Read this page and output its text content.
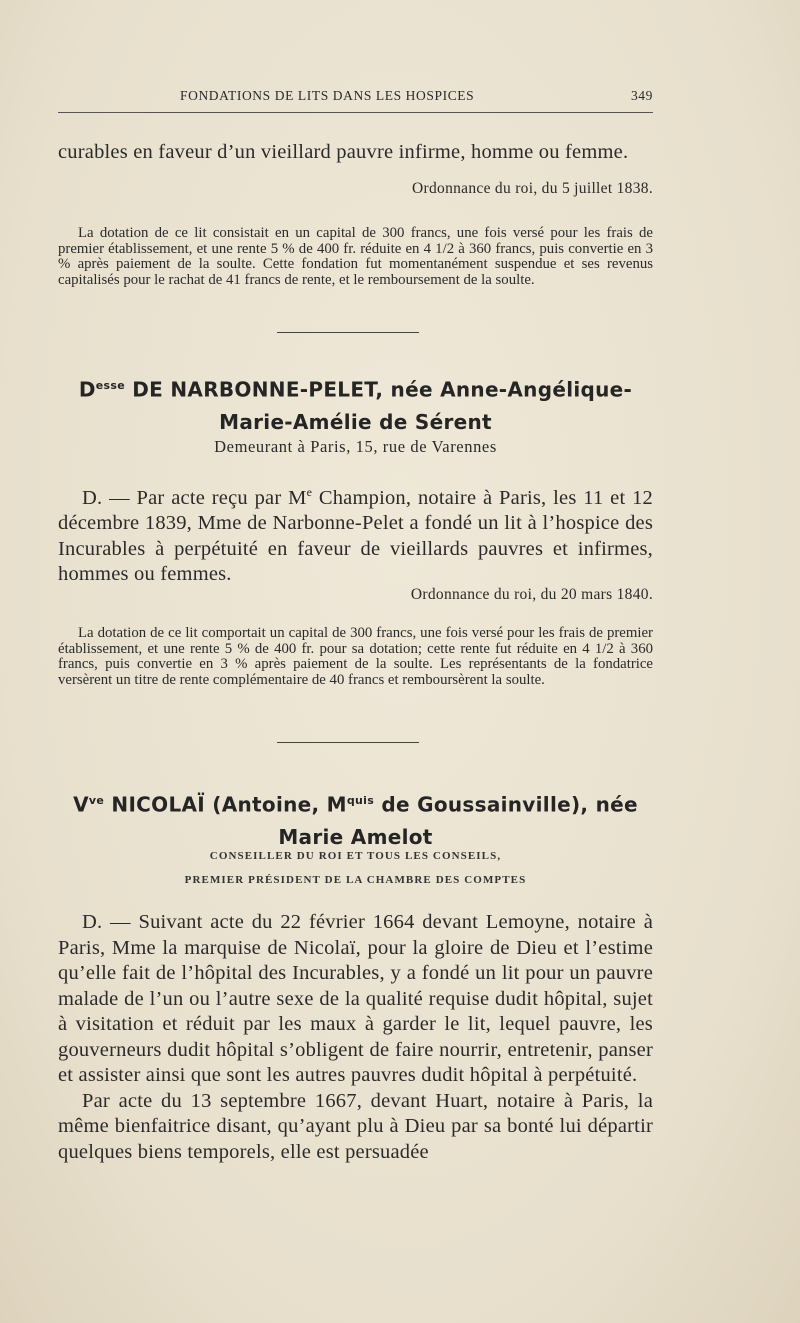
FONDATIONS DE LITS DANS LES HOSPICES	349

curables en faveur d’un vieillard pauvre infirme, homme ou femme.

Ordonnance du roi, du 5 juillet 1838.
La dotation de ce lit consistait en un capital de 300 francs, une fois versé pour les frais de premier établissement, et une rente 5 % de 400 fr. réduite en 4 1/2 à 360 francs, puis convertie en 3 % après paiement de la soulte. Cette fondation fut momentanément suspendue et ses revenus capitalisés pour le rachat de 41 francs de rente, et le remboursement de la soulte.
$D^{esse}$ DE NARBONNE-PELET, née Anne-Angélique-
Marie-Amélie de Sérent
Demeurant à Paris, 15, rue de Varennes

D. — Par acte reçu par Me Champion, notaire à Paris, les 11 et 12 décembre 1839, Mme de Narbonne-Pelet a fondé un lit à l’hospice des Incurables à perpétuité en faveur de vieillards pauvres et infirmes, hommes ou femmes.

Ordonnance du roi, du 20 mars 1840.
La dotation de ce lit comportait un capital de 300 francs, une fois versé pour les frais de premier établissement, et une rente 5 % de 400 fr. pour sa dotation; cette rente fut réduite en 4 1/2 à 360 francs, puis convertie en 3 % après paiement de la soulte. Les représentants de la fondatrice versèrent un titre de rente complémentaire de 40 francs et remboursèrent la soulte.
$V^{ve}$ NICOLAÏ (Antoine, $M^{quis}$ de Goussainville), née
Marie Amelot
CONSEILLER DU ROI ET TOUS LES CONSEILS,
PREMIER PRÉSIDENT DE LA CHAMBRE DES COMPTES

D. — Suivant acte du 22 février 1664 devant Lemoyne, notaire à Paris, Mme la marquise de Nicolaï, pour la gloire de Dieu et l’estime qu’elle fait de l’hôpital des Incurables, y a fondé un lit pour un pauvre malade de l’un ou l’autre sexe de la qualité requise dudit hôpital, sujet à visitation et réduit par les maux à garder le lit, lequel pauvre, les gouverneurs dudit hôpital s’obligent de faire nourrir, entretenir, panser et assister ainsi que sont les autres pauvres dudit hôpital à perpétuité.

Par acte du 13 septembre 1667, devant Huart, notaire à Paris, la même bienfaitrice disant, qu’ayant plu à Dieu par sa bonté lui départir quelques biens temporels, elle est persuadée
